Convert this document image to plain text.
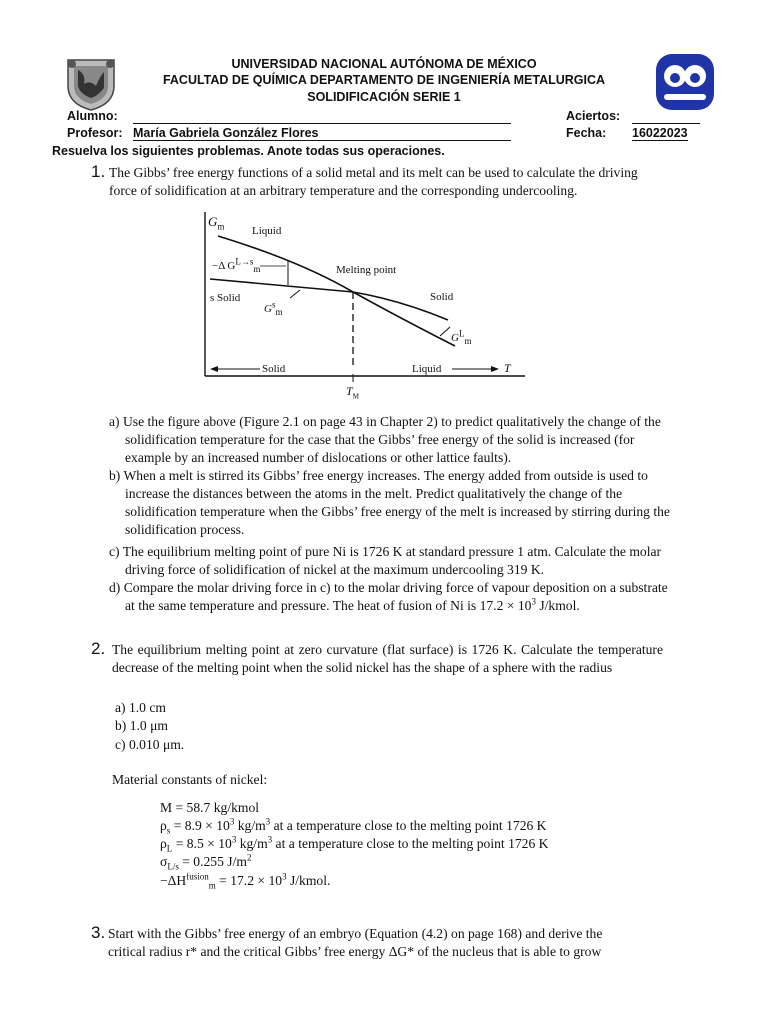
UNIVERSIDAD NACIONAL AUTÓNOMA DE MÉXICO
FACULTAD DE QUÍMICA DEPARTAMENTO DE INGENIERÍA METALURGICA
SOLIDIFICACIÓN SERIE 1
Alumno:	Aciertos:
Profesor: María Gabriela González Flores	Fecha: 16022023
Resuelva los siguientes problemas. Anote todas sus operaciones.
1. The Gibbs’ free energy functions of a solid metal and its melt can be used to calculate the driving
force of solidification at an arbitrary temperature and the corresponding undercooling.
$G_m$	Liquid
−Δ $G^{L\to s}_m$	Melting point
s Solid
$G^s_m$
Solid
$G^L_m$
Solid	Liquid	T
$T_M$
a) Use the figure above (Figure 2.1 on page 43 in Chapter 2) to predict qualitatively the change of the solidification temperature for the case that the Gibbs’ free energy of the solid is increased (for example by an increased number of dislocations or other lattice faults).
b) When a melt is stirred its Gibbs’ free energy increases. The energy added from outside is used to increase the distances between the atoms in the melt. Predict qualitatively the change of the solidification temperature when the Gibbs’ free energy of the melt is increased by stirring during the solidification process.
c) The equilibrium melting point of pure Ni is 1726 K at standard pressure 1 atm. Calculate the molar driving force of solidification of nickel at the maximum undercooling 319 K.
d) Compare the molar driving force in c) to the molar driving force of vapour deposition on a substrate at the same temperature and pressure. The heat of fusion of Ni is $17.2 \times 10^3$ J/kmol.
2. The equilibrium melting point at zero curvature (flat surface) is 1726 K. Calculate the temperature decrease of the melting point when the solid nickel has the shape of a sphere with the radius
a) 1.0 cm
b) 1.0 μm
c) 0.010 μm.
Material constants of nickel:
M = 58.7 kg/kmol
$\rho_s = 8.9 \times 10^3$ $kg/m^3$ at a temperature close to the melting point 1726 K
$\rho_L = 8.5 \times 10^3$ $kg/m^3$ at a temperature close to the melting point 1726 K
$\sigma_{L/s} = 0.255$ $J/m^2$
$-\Delta H^{fusion}_m = 17.2 \times 10^3$ J/kmol.
3. Start with the Gibbs’ free energy of an embryo (Equation (4.2) on page 168) and derive the
critical radius r* and the critical Gibbs’ free energy ΔG* of the nucleus that is able to grow
